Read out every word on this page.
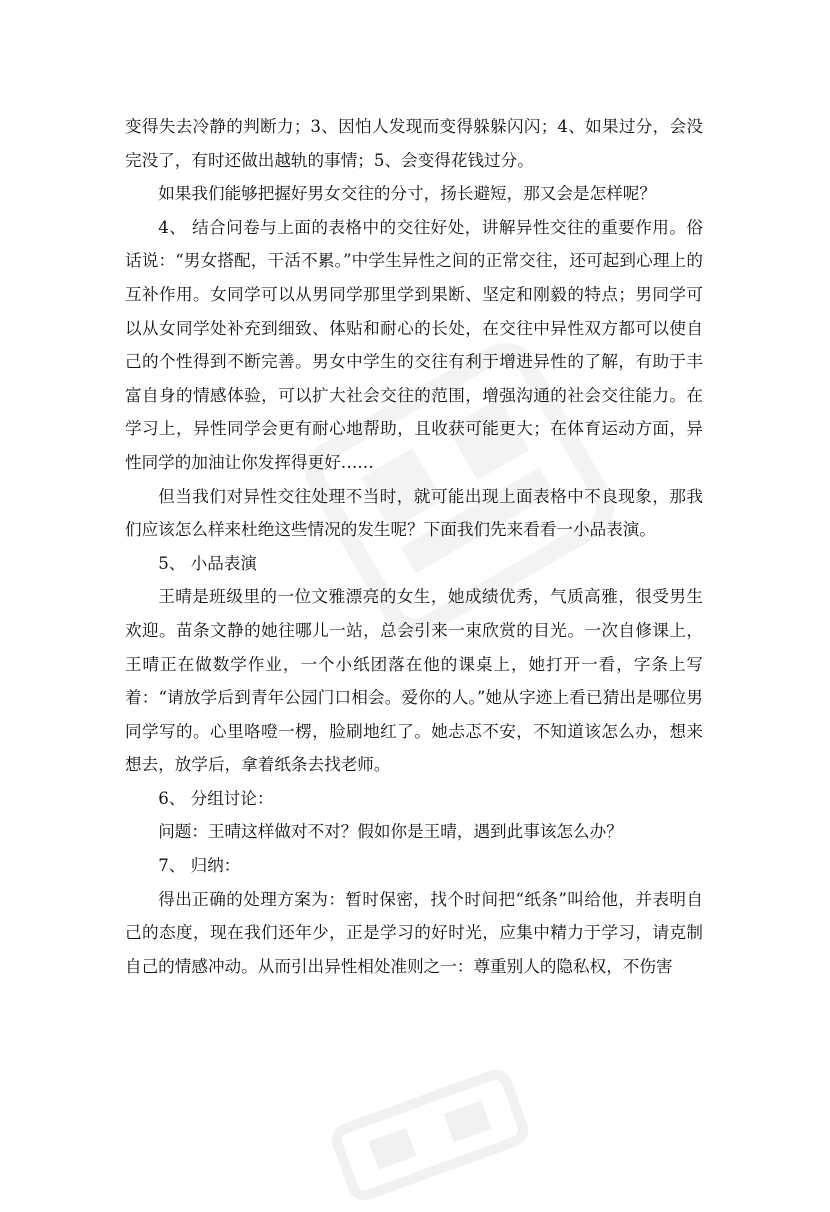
变得失去冷静的判断力；3、因怕人发现而变得躲躲闪闪；4、如果过分，会没完没了，有时还做出越轨的事情；5、会变得花钱过分。

如果我们能够把握好男女交往的分寸，扬长避短，那又会是怎样呢？

4、 结合问卷与上面的表格中的交往好处，讲解异性交往的重要作用。俗话说：“男女搭配，干活不累。”中学生异性之间的正常交往，还可起到心理上的互补作用。女同学可以从男同学那里学到果断、坚定和刚毅的特点；男同学可以从女同学处补充到细致、体贴和耐心的长处，在交往中异性双方都可以使自己的个性得到不断完善。男女中学生的交往有利于增进异性的了解，有助于丰富自身的情感体验，可以扩大社会交往的范围，增强沟通的社会交往能力。在学习上，异性同学会更有耐心地帮助，且收获可能更大；在体育运动方面，异性同学的加油让你发挥得更好……

但当我们对异性交往处理不当时，就可能出现上面表格中不良现象，那我们应该怎么样来杜绝这些情况的发生呢？下面我们先来看看一小品表演。

5、 小品表演

王晴是班级里的一位文雅漂亮的女生，她成绩优秀，气质高雅，很受男生欢迎。苗条文静的她往哪儿一站，总会引来一束欣赏的目光。一次自修课上，王晴正在做数学作业，一个小纸团落在他的课桌上，她打开一看，字条上写着：“请放学后到青年公园门口相会。爱你的人。”她从字迹上看已猜出是哪位男同学写的。心里咯噔一楞，脸刷地红了。她忐忑不安，不知道该怎么办，想来想去，放学后，拿着纸条去找老师。

6、 分组讨论：

问题：王晴这样做对不对？假如你是王晴，遇到此事该怎么办？

7、 归纳：

得出正确的处理方案为：暂时保密，找个时间把“纸条”叫给他，并表明自己的态度，现在我们还年少，正是学习的好时光，应集中精力于学习，请克制自己的情感冲动。从而引出异性相处准则之一：尊重别人的隐私权，不伤害
